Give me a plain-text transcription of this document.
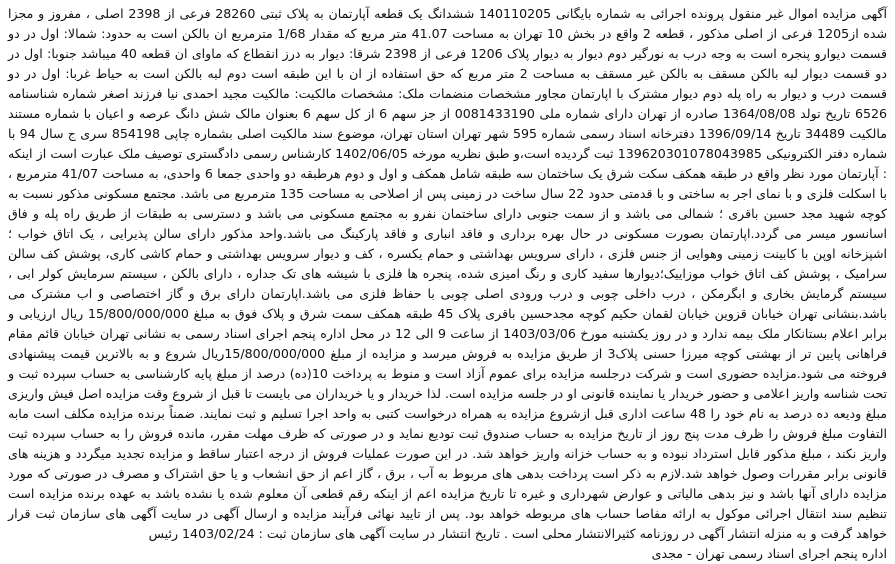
آگهی مزایده اموال غیر منقول پرونده اجرائی به شماره بایگانی 140110205 ششدانگ یک قطعه آپارتمان به پلاک ثبتی 28260 فرعی از 2398 اصلی ، مفروز و مجزا شده از1205 فرعی از اصلی مذکور ، قطعه 2 واقع در بخش 10 تهران به مساحت 41.07 متر مربع که مقدار 1/68 مترمربع ان بالکن است به حدود: شمالا: اول در دو قسمت دیوارو پنجره است به وجه درب به نورگیر دوم دیوار به دیوار پلاک 1206 فرعی از 2398 شرقا: دیوار به درز انقطاع که ماوای ان قطعه 40 میباشد جنوبا: اول در دو قسمت دیوار لبه بالکن مسقف به بالکن غیر مسقف به مساحت 2 متر مربع که حق استفاده از ان با این طبقه است دوم لبه بالکن است به حیاط غربا: اول در دو قسمت درب و دیوار به راه پله دوم دیوار مشترک با اپارتمان مجاور مشخصات منضمات ملک: مشخصات مالکیت: مالکیت مجید احمدی نیا فرزند اصغر شماره شناسنامه 6526 تاریخ تولد 1364/08/08 صادره از تهران دارای شماره ملی 0081433190 از جز سهم 6 از کل سهم 6 بعنوان مالک شش دانگ عرصه و اعیان با شماره مستند مالکیت 34489 تاریخ 1396/09/14 دفترخانه اسناد رسمی شماره 595 شهر تهران استان تهران، موضوع سند مالکیت اصلی بشماره چاپی 854198 سری ج سال 94 با شماره دفتر الکترونیکی 139620301078043985 ثبت گردیده است،و طبق نظریه مورخه 1402/06/05 کارشناس رسمی دادگستری توصیف ملک عبارت است از اینکه : آپارتمان مورد نظر واقع در طبقه همکف سکت شرق یک ساختمان سه طبقه شامل همکف و اول و دوم هرطبقه دو واحدی جمعا 6 واحدی، به مساحت 41/07 مترمربع ، با اسکلت فلزی و با نمای اجر به ساختی و با قدمتی حدود 22 سال ساخت در زمینی پس از اصلاحی به مساحت 135 مترمربع می باشد. مجتمع مسکونی مذکور نسبت به کوچه شهید مجد حسین باقری ؛ شمالی می باشد و از سمت جنوبی دارای ساختمان نفرو به مجتمع مسکونی می باشد و دسترسی به طبقات از طریق راه پله و فاق اسانسور میسر می گردد.اپارتمان بصورت مسکونی در حال بهره برداری و فاقد انباری و فاقد پارکینگ می باشد.واحد مذکور دارای سالن پذیرایی ، یک اتاق خواب ؛ اشپزخانه اوپن با کابینت زمینی وهوایی از جنس فلزی ، دارای سرویس بهداشتی و حمام یکسره ، کف و دیوار سرویس بهداشتی و حمام کاشی کاری، پوشش کف سالن سرامیک ، پوشش کف اتاق خواب موزاییک؛دیوارها سفید کاری و رنگ امیزی شده، پنجره ها فلزی با شیشه های تک جداره ، دارای بالکن ، سیستم سرمایش کولر ابی ، سیستم گرمایش بخاری و ابگرمکن ، درب داخلی چوبی و درب ورودی اصلی چوبی با حفاظ فلزی می باشد.اپارتمان دارای برق و گاز اختصاصی و اب مشترک می باشد.بنشانی تهران خیابان قزوین خیابان لقمان حکیم کوچه مجدحسین باقری پلاک 45 طبقه همکف سمت شرق و پلاک فوق به مبلغ 15/800/000/000 ریال ارزیابی و برابر اعلام بستانکار ملک بیمه ندارد و در روز یکشنبه مورخ 1403/03/06 از ساعت 9 الی 12 در محل اداره پنجم اجرای اسناد رسمی به نشانی تهران خیابان قائم مقام فراهانی پایین تر از بهشتی کوچه میرزا حسنی پلاک3 از طریق مزایده به فروش میرسد و مزایده از مبلغ 15/800/000/000ریال شروع و به بالاترین قیمت پیشنهادی فروخته می شود.مزایده حضوری است و شرکت درجلسه مزایده برای عموم آزاد است و منوط به پرداخت 10(ده) درصد از مبلغ پایه کارشناسی به حساب سپرده ثبت و تحت شناسه واریز اعلامی و حضور خریدار یا نماینده قانونی او در جلسه مزایده است. لذا خریدار و یا خریداران می بایست تا قبل از شروع وقت مزایده اصل فیش واریزی مبلغ ودیعه ده درصد به نام خود را 48 ساعت اداری قبل ازشروع مزایده به همراه درخواست کتبی به واحد اجرا تسلیم و ثبت نمایند. ضمناً برنده مزایده مکلف است مابه التفاوت مبلغ فروش را ظرف مدت پنج روز از تاریخ مزایده به حساب صندوق ثبت تودیع نماید و در صورتی که ظرف مهلت مقرر، مانده فروش را به حساب سپرده ثبت واریز نکند ، مبلغ مذکور قابل استرداد نبوده و به حساب خزانه واریز خواهد شد. در این صورت عملیات فروش از درجه اعتبار ساقط و مزایده تجدید میگردد و هزینه های قانونی برابر مقررات وصول خواهد شد.لازم به ذکر است پرداخت بدهی های مربوط به آب ، برق ، گاز اعم از حق انشعاب و یا حق اشتراک و مصرف در صورتی که مورد مزایده دارای آنها باشد و نیز بدهی مالیاتی و عوارض شهرداری و غیره تا تاریخ مزایده اعم از اینکه رقم قطعی آن معلوم شده یا نشده باشد به عهده برنده مزایده است تنظیم سند انتقال اجرائی موکول به ارائه مفاصا حساب های مربوطه خواهد بود. پس از تایید نهائی فرآیند مزایده و ارسال آگهی در سایت آگهی های سازمان ثبت قرار خواهد گرفت و به منزله انتشار آگهی در روزنامه کثیرالانتشار محلی است . تاریخ انتشار در سایت آگهی های سازمان ثبت : 1403/02/24 رئیس

اداره پنجم اجرای اسناد رسمی تهران - مجدی
